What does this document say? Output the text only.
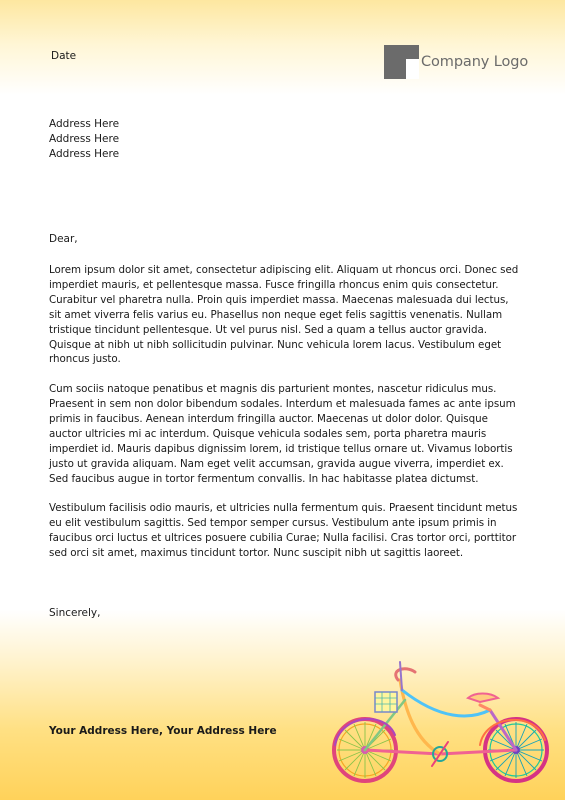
Date	Company Logo
Address Here
Address Here
Address Here
Dear,

Lorem ipsum dolor sit amet, consectetur adipiscing elit. Aliquam ut rhoncus orci. Donec sed imperdiet mauris, et pellentesque massa. Fusce fringilla rhoncus enim quis consectetur. Curabitur vel pharetra nulla. Proin quis imperdiet massa. Maecenas malesuada dui lectus, sit amet viverra felis varius eu. Phasellus non neque eget felis sagittis venenatis. Nullam tristique tincidunt pellentesque. Ut vel purus nisl. Sed a quam a tellus auctor gravida. Quisque at nibh ut nibh sollicitudin pulvinar. Nunc vehicula lorem lacus. Vestibulum eget rhoncus justo.

Cum sociis natoque penatibus et magnis dis parturient montes, nascetur ridiculus mus. Praesent in sem non dolor bibendum sodales. Interdum et malesuada fames ac ante ipsum primis in faucibus. Aenean interdum fringilla auctor. Maecenas ut dolor dolor. Quisque auctor ultricies mi ac interdum. Quisque vehicula sodales sem, porta pharetra mauris imperdiet id. Mauris dapibus dignissim lorem, id tristique tellus ornare ut. Vivamus lobortis justo ut gravida aliquam. Nam eget velit accumsan, gravida augue viverra, imperdiet ex. Sed faucibus augue in tortor fermentum convallis. In hac habitasse platea dictumst.

Vestibulum facilisis odio mauris, et ultricies nulla fermentum quis. Praesent tincidunt metus eu elit vestibulum sagittis. Sed tempor semper cursus. Vestibulum ante ipsum primis in faucibus orci luctus et ultrices posuere cubilia Curae; Nulla facilisi. Cras tortor orci, porttitor sed orci sit amet, maximus tincidunt tortor. Nunc suscipit nibh ut sagittis laoreet.

Sincerely,
Your Address Here, Your Address Here
